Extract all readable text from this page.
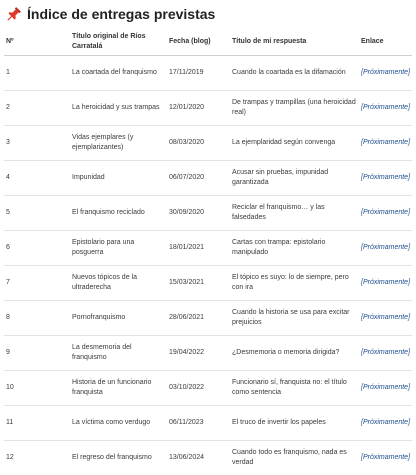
Índice de entregas previstas
Nº	Título original de Ríos Carratalá	Fecha (blog)	Título de mi respuesta	Enlace
1	La coartada del franquismo	17/11/2019	Cuando la coartada es la difamación	[Próximamente]
2	La heroicidad y sus trampas	12/01/2020	De trampas y trampillas (una heroicidad real)	[Próximamente]
3	Vidas ejemplares (y ejemplarizantes)	08/03/2020	La ejemplaridad según convenga	[Próximamente]
4	Impunidad	06/07/2020	Acusar sin pruebas, impunidad garantizada	[Próximamente]
5	El franquismo reciclado	30/09/2020	Reciclar el franquismo… y las falsedades	[Próximamente]
6	Epistolario para una posguerra	18/01/2021	Cartas con trampa: epistolario manipulado	[Próximamente]
7	Nuevos tópicos de la ultraderecha	15/03/2021	El tópico es suyo: lo de siempre, pero con ira	[Próximamente]
8	Pornofranquismo	28/06/2021	Cuando la historia se usa para excitar prejuicios	[Próximamente]
9	La desmemoria del franquismo	19/04/2022	¿Desmemoria o memoria dirigida?	[Próximamente]
10	Historia de un funcionario franquista	03/10/2022	Funcionario sí, franquista no: el título como sentencia	[Próximamente]
11	La víctima como verdugo	06/11/2023	El truco de invertir los papeles	[Próximamente]
12	El regreso del franquismo	13/06/2024	Cuando todo es franquismo, nada es verdad	[Próximamente]
